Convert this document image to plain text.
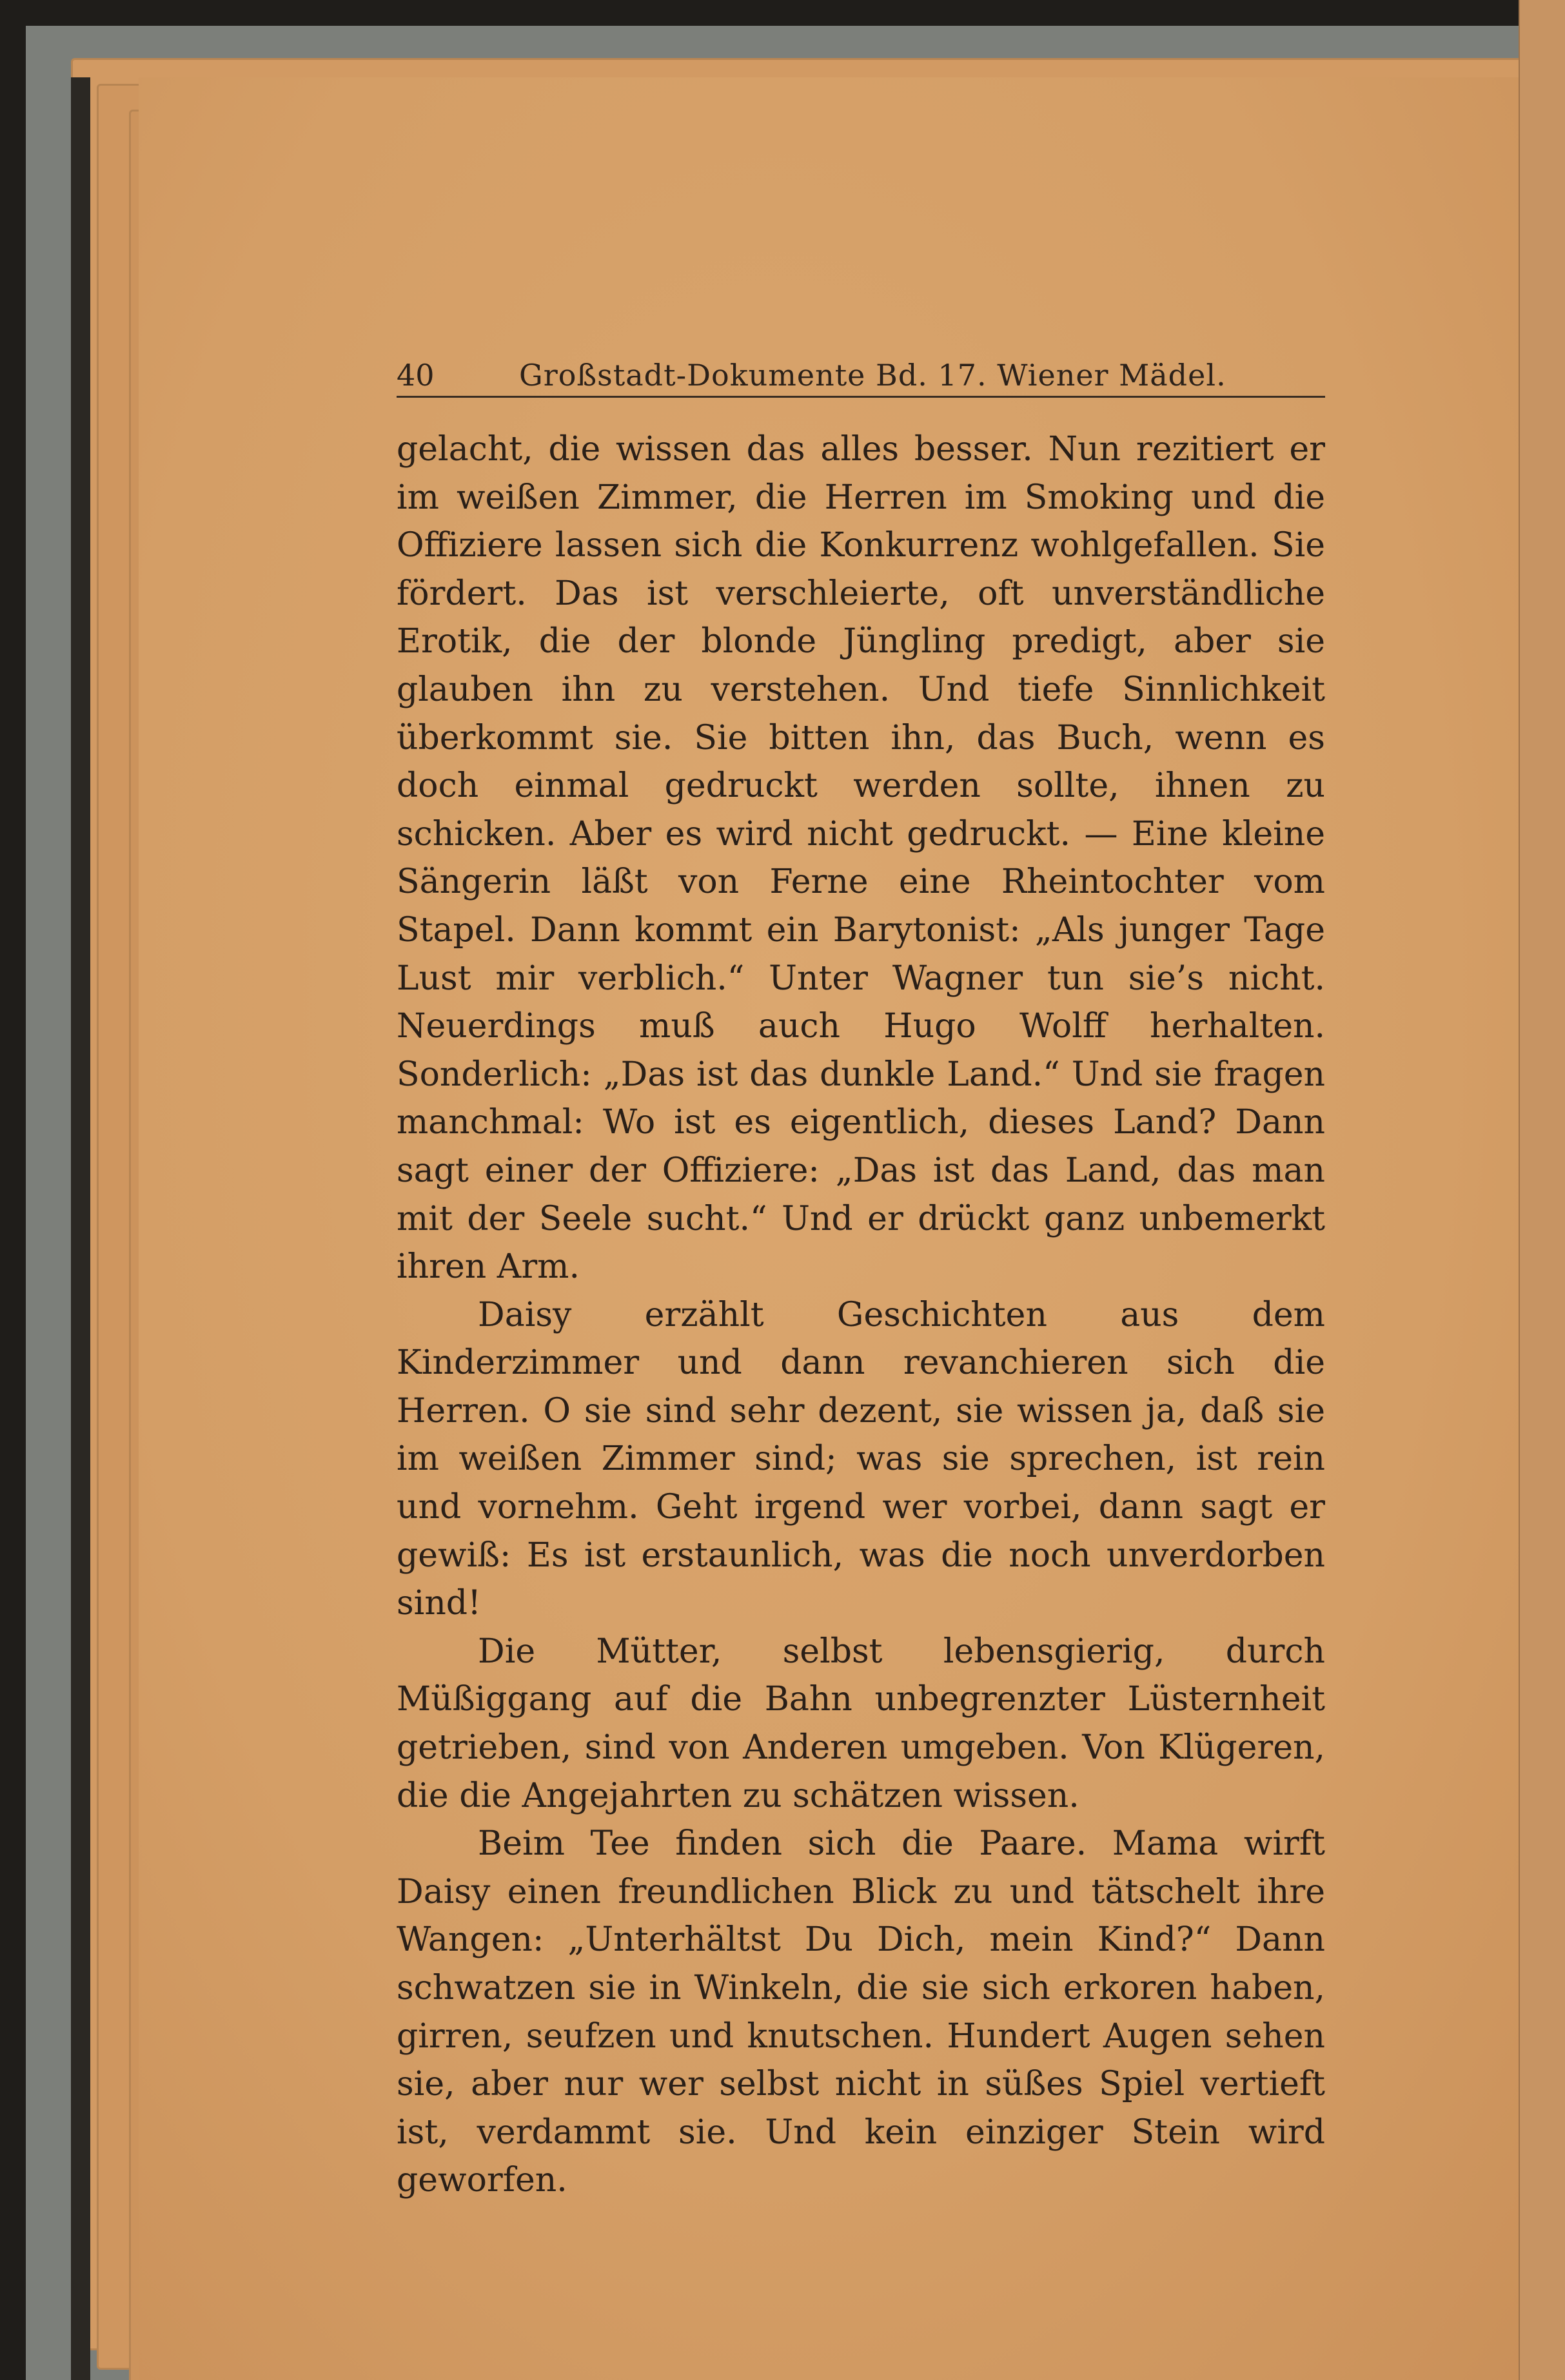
40	Großstadt-Dokumente Bd. 17. Wiener Mädel.

gelacht, die wissen das alles besser. Nun rezitiert er im weißen Zimmer, die Herren im Smoking und die Offiziere lassen sich die Konkurrenz wohlgefallen. Sie fördert. Das ist verschleierte, oft unverständliche Erotik, die der blonde Jüngling predigt, aber sie glauben ihn zu verstehen. Und tiefe Sinnlichkeit überkommt sie. Sie bitten ihn, das Buch, wenn es doch einmal gedruckt werden sollte, ihnen zu schicken. Aber es wird nicht gedruckt. — Eine kleine Sängerin läßt von Ferne eine Rheintochter vom Stapel. Dann kommt ein Barytonist: „Als junger Tage Lust mir verblich.“ Unter Wagner tun sie’s nicht. Neuerdings muß auch Hugo Wolff herhalten. Sonderlich: „Das ist das dunkle Land.“ Und sie fragen manchmal: Wo ist es eigentlich, dieses Land? Dann sagt einer der Offiziere: „Das ist das Land, das man mit der Seele sucht.“ Und er drückt ganz unbemerkt ihren Arm.

Daisy erzählt Geschichten aus dem Kinderzimmer und dann revanchieren sich die Herren. O sie sind sehr dezent, sie wissen ja, daß sie im weißen Zimmer sind; was sie sprechen, ist rein und vornehm. Geht irgend wer vorbei, dann sagt er gewiß: Es ist erstaunlich, was die noch unverdorben sind!

Die Mütter, selbst lebensgierig, durch Müßiggang auf die Bahn unbegrenzter Lüsternheit getrieben, sind von Anderen umgeben. Von Klügeren, die die Angejahrten zu schätzen wissen.

Beim Tee finden sich die Paare. Mama wirft Daisy einen freundlichen Blick zu und tätschelt ihre Wangen: „Unterhältst Du Dich, mein Kind?“ Dann schwatzen sie in Winkeln, die sie sich erkoren haben, girren, seufzen und knutschen. Hundert Augen sehen sie, aber nur wer selbst nicht in süßes Spiel vertieft ist, verdammt sie. Und kein einziger Stein wird geworfen.
